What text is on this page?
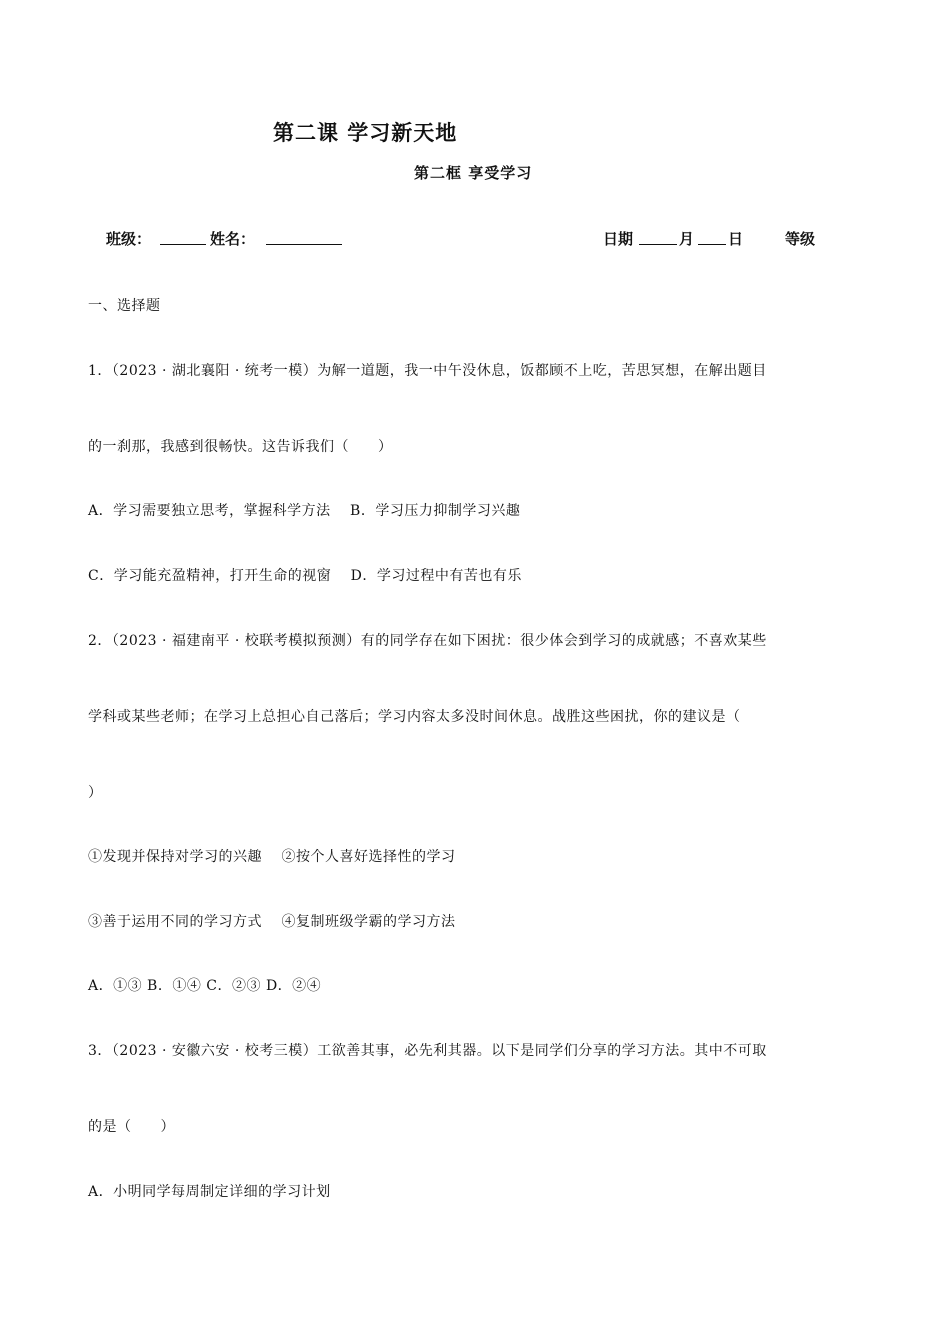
第二课 学习新天地
第二框 享受学习
班级：	姓名：	日期	月 日	等级
一、选择题
1．（2023 · 湖北襄阳 · 统考一模）为解一道题，我一中午没休息，饭都顾不上吃，苦思冥想，在解出题目
的一刹那，我感到很畅快。这告诉我们（　　）
A．学习需要独立思考，掌握科学方法　 B．学习压力抑制学习兴趣
C．学习能充盈精神，打开生命的视窗　 D．学习过程中有苦也有乐
2．（2023 · 福建南平 · 校联考模拟预测）有的同学存在如下困扰：很少体会到学习的成就感；不喜欢某些
学科或某些老师；在学习上总担心自己落后；学习内容太多没时间休息。战胜这些困扰，你的建议是（
）
①发现并保持对学习的兴趣　 ②按个人喜好选择性的学习
③善于运用不同的学习方式　 ④复制班级学霸的学习方法
A．①③ B．①④ C．②③ D．②④
3．（2023 · 安徽六安 · 校考三模）工欲善其事，必先利其器。以下是同学们分享的学习方法。其中不可取
的是（　　）
A．小明同学每周制定详细的学习计划
